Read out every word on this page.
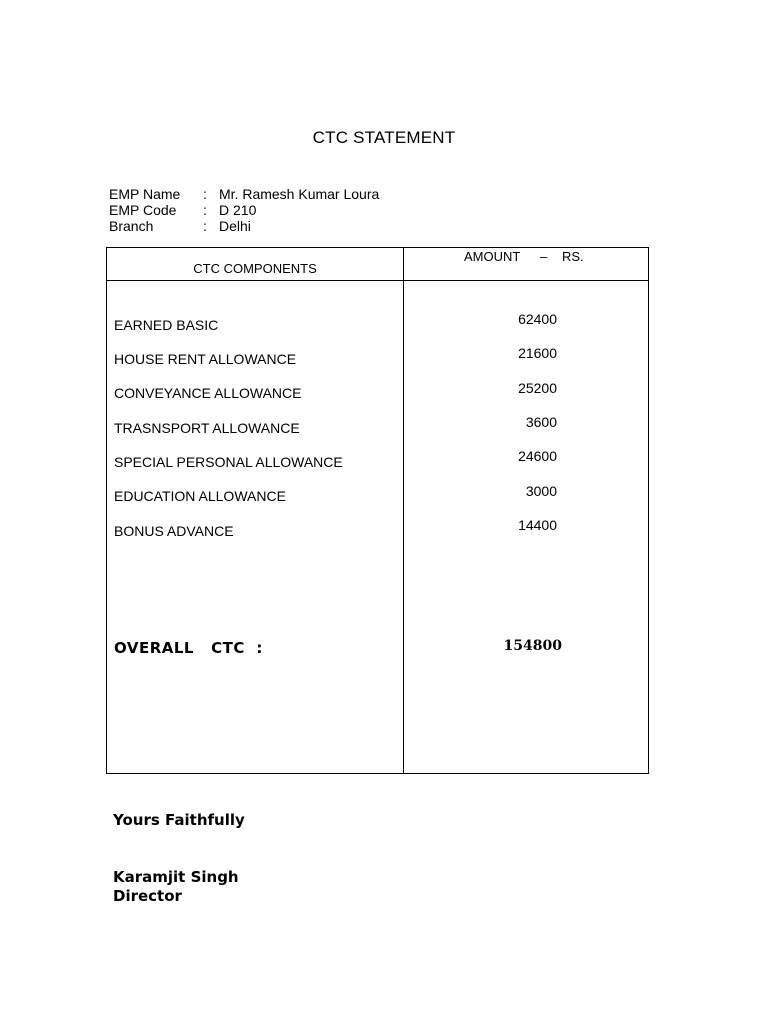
CTC STATEMENT
EMP Name	: Mr. Ramesh Kumar Loura
EMP Code	: D 210
Branch	: Delhi
CTC COMPONENTS
AMOUNT – RS.
EARNED BASIC	62400
HOUSE RENT ALLOWANCE	21600
CONVEYANCE ALLOWANCE	25200
TRASNSPORT ALLOWANCE	3600
SPECIAL PERSONAL ALLOWANCE	24600
EDUCATION ALLOWANCE	3000
BONUS ADVANCE	14400
OVERALL   CTC  :	154800
Yours Faithfully
Karamjit Singh
Director
